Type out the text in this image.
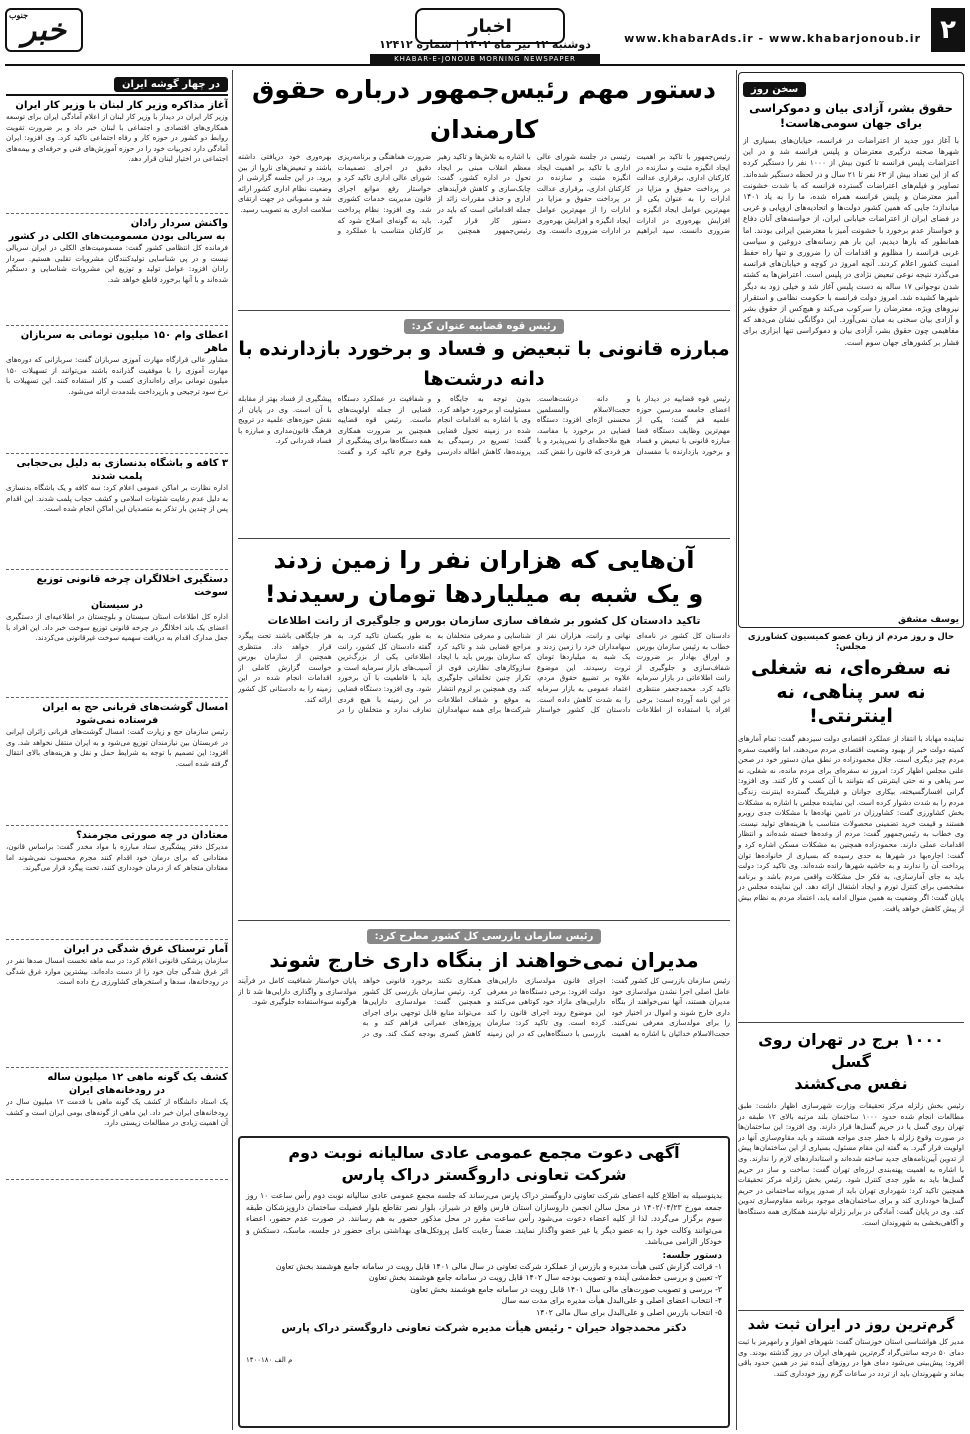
۲
www.khabarAds.ir - www.khabarjonoub.ir
اخبار
دوشنبه ۱۲ تیر ماه ۱۴۰۲ | شماره ۱۲۴۱۲
جنوب
خبر
KHABAR-E-JONOUB MORNING NEWSPAPER
سخن روز
حقوق بشر، آزادی بیان و دموکراسی برای جهان سومی‌هاست!
با آغاز دور جدید از اعتراضات در فرانسه، خیابان‌های بسیاری از شهرها صحنه درگیری معترضان و پلیس فرانسه شد و در این اعتراضات پلیس فرانسه تا کنون بیش از ۱۰۰۰ نفر را دستگیر کرده که از این تعداد بیش از ۶۳ نفر تا ۲۱ سال و در لحظه دستگیر شده‌اند. تصاویر و فیلم‌های اعتراضات گسترده فرانسه که با شدت خشونت آمیز معترضان و پلیس فرانسه همراه شده، ما را به یاد ۱۴۰۱ میاندازد؛ جایی که همین کشور دولت‌ها و اتحادیه‌های اروپایی و غربی در فضای ایران از اعتراضات خیابانی ایران، از خواسته‌های آنان دفاع و خواستار عدم برخورد با خشونت آمیز با معترضین ایرانی بودند. اما همانطور که بارها دیدیم، این بار هم رسانه‌های دروغین و سیاسی غربی فرانسه را مظلوم و اقدامات آن را ضروری و تنها راه حفظ امنیت کشور اعلام کردند. آنچه امروز در کوچه و خیابان‌های فرانسه می‌گذرد نتیجه نوعی تبعیض نژادی در پلیس است. اعتراض‌ها به کشته شدن نوجوانی ۱۷ ساله به دست پلیس آغاز شد و خیلی زود به دیگر شهرها کشیده شد. امروز دولت فرانسه با حکومت نظامی و استقرار نیروهای ویژه، معترضان را سرکوب می‌کند و هیچ‌کس از حقوق بشر و آزادی بیان سخنی به میان نمی‌آورد. این دوگانگی نشان می‌دهد که مفاهیمی چون حقوق بشر، آزادی بیان و دموکراسی تنها ابزاری برای فشار بر کشورهای جهان سوم است.
یوسف مشفق
حال و روز مردم از زبان عضو کمیسیون کشاورزی مجلس:
نه سفره‌ای، نه شغلی
نه سر پناهی، نه اینترنتی!
نماینده مهاباد با انتقاد از عملکرد اقتصادی دولت سیزدهم گفت: تمام آمارهای کمیته دولت خبر از بهبود وضعیت اقتصادی مردم می‌دهند، اما واقعیت سفره مردم چیز دیگری است. جلال محمودزاده در نطق میان دستور خود در صحن علنی مجلس اظهار کرد: امروز نه سفره‌ای برای مردم مانده، نه شغلی، نه سر پناهی و نه حتی اینترنتی که بتوانند با آن کسب و کار کنند. وی افزود: گرانی افسارگسیخته، بیکاری جوانان و فیلترینگ گسترده اینترنت زندگی مردم را به شدت دشوار کرده است. این نماینده مجلس با اشاره به مشکلات بخش کشاورزی گفت: کشاورزان در تامین نهاده‌ها با مشکلات جدی روبرو هستند و قیمت خرید تضمینی محصولات متناسب با هزینه‌های تولید نیست. وی خطاب به رئیس‌جمهور گفت: مردم از وعده‌ها خسته شده‌اند و انتظار اقدامات عملی دارند. محمودزاده همچنین به مشکلات مسکن اشاره کرد و گفت: اجاره‌بها در شهرها به حدی رسیده که بسیاری از خانواده‌ها توان پرداخت آن را ندارند و به حاشیه شهرها رانده شده‌اند. وی تاکید کرد: دولت باید به جای آمارسازی، به فکر حل مشکلات واقعی مردم باشد و برنامه مشخصی برای کنترل تورم و ایجاد اشتغال ارائه دهد. این نماینده مجلس در پایان گفت: اگر وضعیت به همین منوال ادامه یابد، اعتماد مردم به نظام بیش از پیش کاهش خواهد یافت.
۱۰۰۰ برج در تهران روی گسل
نفس می‌کشند
رئیس بخش زلزله مرکز تحقیقات وزارت شهرسازی اظهار داشت: طبق مطالعات انجام شده حدود ۱۰۰۰ ساختمان بلند مرتبه بالای ۱۲ طبقه در تهران روی گسل یا در حریم گسل‌ها قرار دارند. وی افزود: این ساختمان‌ها در صورت وقوع زلزله با خطر جدی مواجه هستند و باید مقاوم‌سازی آنها در اولویت قرار گیرد. به گفته این مقام مسئول، بسیاری از این ساختمان‌ها پیش از تدوین آیین‌نامه‌های جدید ساخته شده‌اند و استانداردهای لازم را ندارند. وی با اشاره به اهمیت پهنه‌بندی لرزه‌ای تهران گفت: ساخت و ساز در حریم گسل‌ها باید به طور جدی کنترل شود. رئیس بخش زلزله مرکز تحقیقات همچنین تاکید کرد: شهرداری تهران باید از صدور پروانه ساختمانی در حریم گسل‌ها خودداری کند و برای ساختمان‌های موجود برنامه مقاوم‌سازی تدوین کند. وی در پایان گفت: آمادگی در برابر زلزله نیازمند همکاری همه دستگاه‌ها و آگاهی‌بخشی به شهروندان است.
گرم‌ترین روز در ایران ثبت شد
مدیر کل هواشناسی استان خوزستان گفت: شهرهای اهواز و رامهرمز با ثبت دمای ۵۰ درجه سانتی‌گراد گرم‌ترین شهرهای ایران در روز گذشته بودند. وی افزود: پیش‌بینی می‌شود دمای هوا در روزهای آینده نیز در همین حدود باقی بماند و شهروندان باید از تردد در ساعات گرم روز خودداری کنند.
دستور مهم رئیس‌جمهور درباره حقوق کارمندان
رئیس‌جمهور با تاکید بر اهمیت ایجاد انگیزه مثبت و سازنده در کارکنان اداری، برقراری عدالت در پرداخت حقوق و مزایا در ادارات را به عنوان یکی از مهم‌ترین عوامل ایجاد انگیزه و افزایش بهره‌وری در ادارات ضروری دانست. سید ابراهیم رئیسی در جلسه شورای عالی اداری با تاکید بر اهمیت ایجاد انگیزه مثبت و سازنده در کارکنان اداری، برقراری عدالت در پرداخت حقوق و مزایا در ادارات را از مهم‌ترین عوامل ایجاد انگیزه و افزایش بهره‌وری در ادارات ضروری دانست. وی با اشاره به تلاش‌ها و تاکید رهبر معظم انقلاب مبنی بر ایجاد تحول در اداره کشور، گفت: چابک‌سازی و کاهش فرآیندهای اداری و حذف مقررات زائد از جمله اقداماتی است که باید در دستور کار قرار گیرد. رئیس‌جمهور همچنین بر ضرورت هماهنگی و برنامه‌ریزی دقیق در اجرای تصمیمات شورای عالی اداری تاکید کرد و خواستار رفع موانع اجرای قانون مدیریت خدمات کشوری شد. وی افزود: نظام پرداخت باید به گونه‌ای اصلاح شود که کارکنان متناسب با عملکرد و بهره‌وری خود دریافتی داشته باشند و تبعیض‌های ناروا از بین برود. در این جلسه گزارشی از وضعیت نظام اداری کشور ارائه شد و مصوباتی در جهت ارتقای سلامت اداری به تصویب رسید.
رئیس قوه قضاییه عنوان کرد:
مبارزه قانونی با تبعیض و فساد و برخورد بازدارنده با دانه درشت‌ها
رئیس قوه قضاییه در دیدار با اعضای جامعه مدرسین حوزه علمیه قم گفت: یکی از مهم‌ترین وظایف دستگاه قضا مبارزه قانونی با تبعیض و فساد و برخورد بازدارنده با مفسدان و دانه درشت‌هاست. حجت‌الاسلام والمسلمین محسنی اژه‌ای افزود: دستگاه قضایی در برخورد با مفاسد، هیچ ملاحظه‌ای را نمی‌پذیرد و با هر فردی که قانون را نقض کند، بدون توجه به جایگاه و مسئولیت او برخورد خواهد کرد. وی با اشاره به اقدامات انجام شده در زمینه تحول قضایی گفت: تسریع در رسیدگی به پرونده‌ها، کاهش اطاله دادرسی و شفافیت در عملکرد دستگاه قضایی از جمله اولویت‌های ماست. رئیس قوه قضاییه همچنین بر ضرورت همکاری همه دستگاه‌ها برای پیشگیری از وقوع جرم تاکید کرد و گفت: پیشگیری از فساد بهتر از مقابله با آن است. وی در پایان از نقش حوزه‌های علمیه در ترویج فرهنگ قانون‌مداری و مبارزه با فساد قدردانی کرد.
آن‌هایی که هزاران نفر را زمین زدند
و یک شبه به میلیاردها تومان رسیدند!
تاکید دادستان کل کشور بر شفاف سازی سازمان بورس و جلوگیری از رانت اطلاعات
دادستان کل کشور در نامه‌ای خطاب به رئیس سازمان بورس و اوراق بهادار بر ضرورت شفاف‌سازی و جلوگیری از رانت اطلاعاتی در بازار سرمایه تاکید کرد. محمدجعفر منتظری در این نامه آورده است: برخی افراد با استفاده از اطلاعات نهانی و رانت، هزاران نفر از سهامداران خرد را زمین زدند و یک شبه به میلیاردها تومان ثروت رسیدند. این موضوع علاوه بر تضییع حقوق مردم، اعتماد عمومی به بازار سرمایه را به شدت کاهش داده است. دادستان کل کشور خواستار شناسایی و معرفی متخلفان به مراجع قضایی شد و تاکید کرد که سازمان بورس باید با ایجاد سازوکارهای نظارتی قوی از تکرار چنین تخلفاتی جلوگیری کند. وی همچنین بر لزوم انتشار به موقع و شفاف اطلاعات شرکت‌ها برای همه سهامداران به طور یکسان تاکید کرد. به گفته دادستان کل کشور، رانت اطلاعاتی یکی از بزرگ‌ترین آسیب‌های بازار سرمایه است و باید با قاطعیت با آن برخورد شود. وی افزود: دستگاه قضایی در این زمینه با هیچ فردی تعارف ندارد و متخلفان را در هر جایگاهی باشند تحت پیگرد قرار خواهد داد. منتظری همچنین از سازمان بورس خواست گزارش کاملی از اقدامات انجام شده در این زمینه را به دادستانی کل کشور ارائه کند.
رئیس سازمان بازرسی کل کشور مطرح کرد:
مدیران نمی‌خواهند از بنگاه داری خارج شوند
رئیس سازمان بازرسی کل کشور گفت: عامل اصلی اجرا نشدن مولدسازی خود مدیران هستند، آنها نمی‌خواهند از بنگاه داری خارج شوند و اموال در اختیار خود را برای مولدسازی معرفی نمی‌کنند. حجت‌الاسلام خدائیان با اشاره به اهمیت اجرای قانون مولدسازی دارایی‌های دولت افزود: برخی دستگاه‌ها در معرفی دارایی‌های مازاد خود کوتاهی می‌کنند و این موضوع روند اجرای قانون را کند کرده است. وی تاکید کرد: سازمان بازرسی با دستگاه‌هایی که در این زمینه همکاری نکنند برخورد قانونی خواهد کرد. رئیس سازمان بازرسی کل کشور همچنین گفت: مولدسازی دارایی‌ها می‌تواند منابع قابل توجهی برای اجرای پروژه‌های عمرانی فراهم کند و به کاهش کسری بودجه کمک کند. وی در پایان خواستار شفافیت کامل در فرآیند مولدسازی و واگذاری دارایی‌ها شد تا از هرگونه سوءاستفاده جلوگیری شود.
آگهی دعوت مجمع عمومی عادی سالیانه نوبت دوم
شرکت تعاونی داروگستر دراک پارس
بدینوسیله به اطلاع کلیه اعضای شرکت تعاونی داروگستر دراک پارس می‌رساند که جلسه مجمع عمومی عادی سالیانه نوبت دوم رأس ساعت ۱۰ روز جمعه مورخ ۱۴۰۲/۰۴/۲۳ در محل سالن انجمن داروسازان استان فارس واقع در شیراز، بلوار نصر تقاطع بلوار فضیلت ساختمان داروپزشکان طبقه سوم برگزار می‌گردد. لذا از کلیه اعضاء دعوت می‌شود رأس ساعت مقرر در محل مذکور حضور به هم رسانند. در صورت عدم حضور، اعضاء می‌توانند وکالت خود را به عضو دیگر یا غیر عضو واگذار نمایند. ضمناً رعایت کامل پروتکل‌های بهداشتی برای حضور در جلسه، ماسک، دستکش و خودکار الزامی می‌باشد.
دستور جلسه:
۱- قرائت گزارش کتبی هیأت مدیره و بازرس از عملکرد شرکت تعاونی در سال مالی ۱۴۰۱ قابل رویت در سامانه جامع هوشمند بخش تعاون
۲- تعیین و بررسی خط‌مشی آینده و تصویب بودجه سال ۱۴۰۲ قابل رویت در سامانه جامع هوشمند بخش تعاون
۳- بررسی و تصویب صورت‌های مالی سال ۱۴۰۱ قابل رویت در سامانه جامع هوشمند بخش تعاون
۴- انتخاب اعضای اصلی و علی‌البدل هیأت مدیره برای مدت سه سال
۵- انتخاب بازرس اصلی و علی‌البدل برای سال مالی ۱۴۰۲
دکتر محمدجواد حیران - رئیس هیأت مدیره شرکت تعاونی داروگستر دراک پارس
م الف ۱۴۰۰۱۸۰
در چهار گوشه ایران
آغاز مذاکره وزیر کار لبنان با وزیر کار ایران
وزیر کار ایران در دیدار با وزیر کار لبنان از اعلام آمادگی ایران برای توسعه همکاری‌های اقتصادی و اجتماعی با لبنان خبر داد و بر ضرورت تقویت روابط دو کشور در حوزه کار و رفاه اجتماعی تاکید کرد. وی افزود: ایران آمادگی دارد تجربیات خود را در حوزه آموزش‌های فنی و حرفه‌ای و بیمه‌های اجتماعی در اختیار لبنان قرار دهد.
واکنش سردار رادان
به سریالی بودن مسمومیت‌های الکلی در کشور
فرمانده کل انتظامی کشور گفت: مسمومیت‌های الکلی در ایران سریالی نیست و در پی شناسایی تولیدکنندگان مشروبات تقلبی هستیم. سردار رادان افزود: عوامل تولید و توزیع این مشروبات شناسایی و دستگیر شده‌اند و با آنها برخورد قاطع خواهد شد.
اعطای وام ۱۵۰ میلیون تومانی به سربازان ماهر
مشاور عالی قرارگاه مهارت آموزی سربازان گفت: سربازانی که دوره‌های مهارت آموزی را با موفقیت گذرانده باشند می‌توانند از تسهیلات ۱۵۰ میلیون تومانی برای راه‌اندازی کسب و کار استفاده کنند. این تسهیلات با نرخ سود ترجیحی و بازپرداخت بلندمدت ارائه می‌شود.
۳ کافه و باشگاه بدنسازی به دلیل بی‌حجابی
پلمب شدند
اداره نظارت بر اماکن عمومی اعلام کرد: سه کافه و یک باشگاه بدنسازی به دلیل عدم رعایت شئونات اسلامی و کشف حجاب پلمب شدند. این اقدام پس از چندین بار تذکر به متصدیان این اماکن انجام شده است.
دستگیری اخلالگران چرخه قانونی توزیع سوخت
در سیستان
اداره کل اطلاعات استان سیستان و بلوچستان در اطلاعیه‌ای از دستگیری اعضای یک باند اخلالگر در چرخه قانونی توزیع سوخت خبر داد. این افراد با جعل مدارک اقدام به دریافت سهمیه سوخت غیرقانونی می‌کردند.
امسال گوشت‌های قربانی حج به ایران
فرستاده نمی‌شود
رئیس سازمان حج و زیارت گفت: امسال گوشت‌های قربانی زائران ایرانی در عربستان بین نیازمندان توزیع می‌شود و به ایران منتقل نخواهد شد. وی افزود: این تصمیم با توجه به شرایط حمل و نقل و هزینه‌های بالای انتقال گرفته شده است.
معتادان در چه صورتی مجرمند؟
مدیرکل دفتر پیشگیری ستاد مبارزه با مواد مخدر گفت: براساس قانون، معتادانی که برای درمان خود اقدام کنند مجرم محسوب نمی‌شوند اما معتادان متجاهر که از درمان خودداری کنند، تحت پیگرد قرار می‌گیرند.
آمار ترسناک غرق شدگی در ایران
سازمان پزشکی قانونی اعلام کرد: در سه ماهه نخست امسال صدها نفر در اثر غرق شدگی جان خود را از دست داده‌اند. بیشترین موارد غرق شدگی در رودخانه‌ها، سدها و استخرهای کشاورزی رخ داده است.
کشف یک گونه ماهی ۱۲ میلیون ساله
در رودخانه‌های ایران
یک استاد دانشگاه از کشف یک گونه ماهی با قدمت ۱۲ میلیون سال در رودخانه‌های ایران خبر داد. این ماهی از گونه‌های بومی ایران است و کشف آن اهمیت زیادی در مطالعات زیستی دارد.
